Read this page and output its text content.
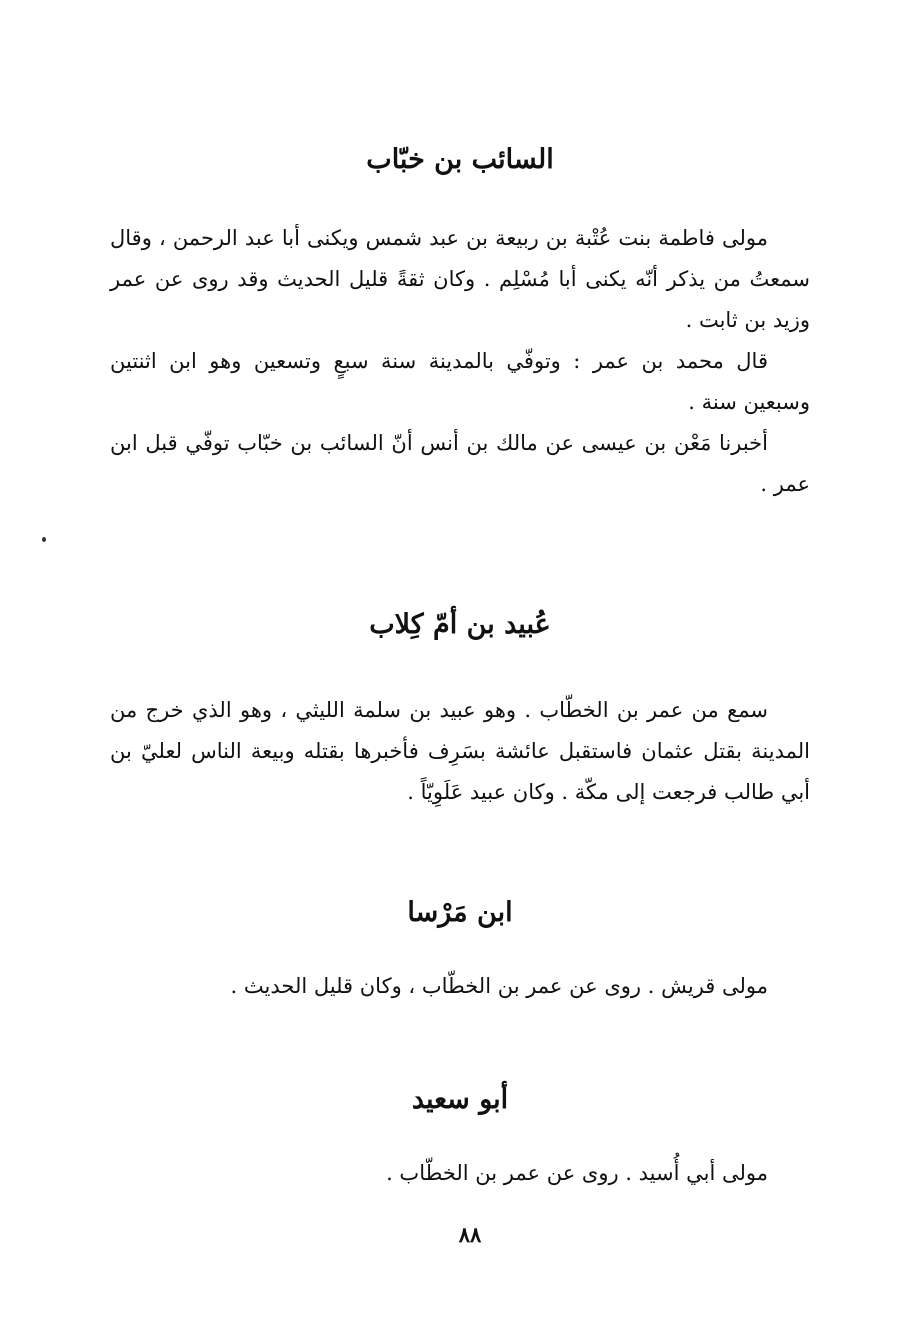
السائب بن خبّاب

مولى فاطمة بنت عُتْبة بن ربيعة بن عبد شمس ويكنى أبا عبد الرحمن ، وقال سمعتُ من يذكر أنّه يكنى أبا مُسْلِم . وكان ثقةً قليل الحديث وقد روى عن عمر وزيد بن ثابت .

قال محمد بن عمر : وتوفّي بالمدينة سنة سبعٍ وتسعين وهو ابن اثنتين وسبعين سنة .

أخبرنا مَعْن بن عيسى عن مالك بن أنس أنّ السائب بن خبّاب توفّي قبل ابن عمر .

عُبيد بن أمّ كِلاب

سمع من عمر بن الخطّاب . وهو عبيد بن سلمة الليثي ، وهو الذي خرج من المدينة بقتل عثمان فاستقبل عائشة بسَرِف فأخبرها بقتله وبيعة الناس لعليّ بن أبي طالب فرجعت إلى مكّة . وكان عبيد عَلَوِيّاً .

ابن مَرْسا

مولى قريش . روى عن عمر بن الخطّاب ، وكان قليل الحديث .

أبو سعيد

مولى أبي أُسيد . روى عن عمر بن الخطّاب .

٨٨
